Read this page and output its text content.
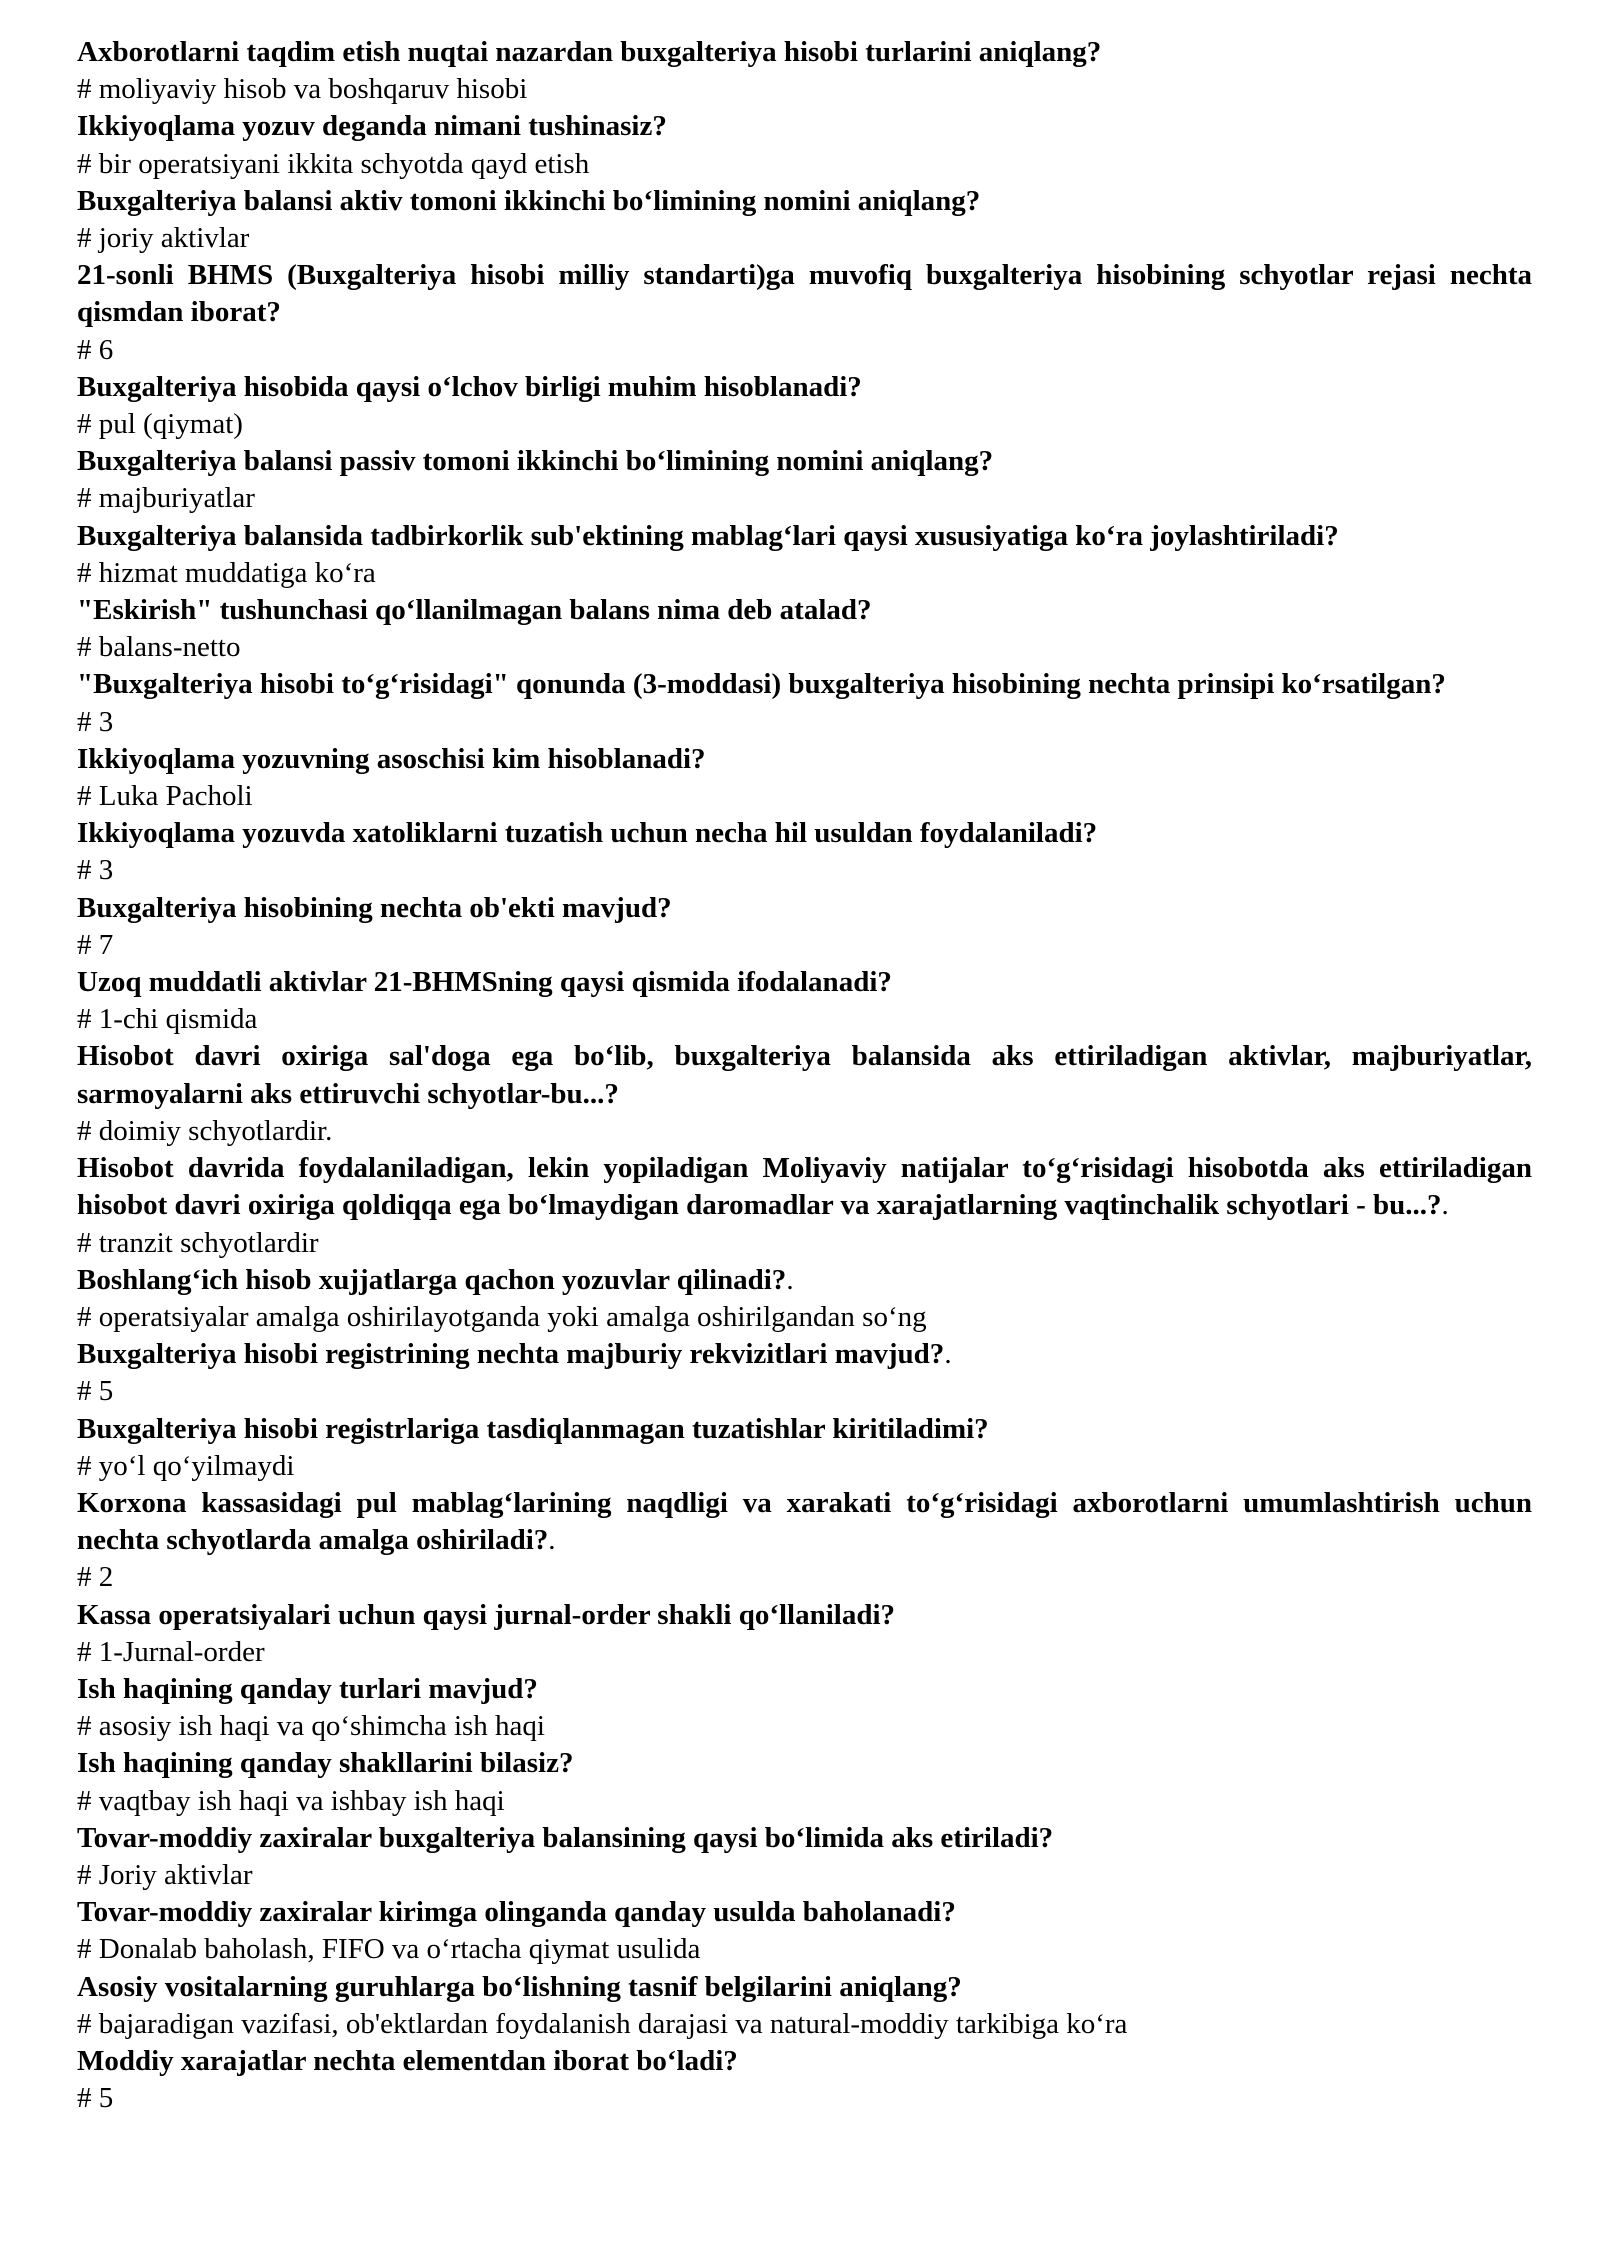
Axborotlarni taqdim etish nuqtai nazardan buxgalteriya hisobi turlarini aniqlang?

# moliyaviy hisob va boshqaruv hisobi

Ikkiyoqlama yozuv deganda nimani tushinasiz?

# bir operatsiyani ikkita schyotda qayd etish

Buxgalteriya balansi aktiv tomoni ikkinchi bo‘limining nomini aniqlang?

# joriy aktivlar

21-sonli BHMS (Buxgalteriya hisobi milliy standarti)ga muvofiq buxgalteriya hisobining schyotlar rejasi nechta qismdan iborat?

# 6

Buxgalteriya hisobida qaysi o‘lchov birligi muhim hisoblanadi?

# pul (qiymat)

Buxgalteriya balansi passiv tomoni ikkinchi bo‘limining nomini aniqlang?

# majburiyatlar

Buxgalteriya balansida tadbirkorlik sub'ektining mablag‘lari qaysi xususiyatiga ko‘ra joylashtiriladi?

# hizmat muddatiga ko‘ra

"Eskirish" tushunchasi qo‘llanilmagan balans nima deb atalad?

# balans-netto

"Buxgalteriya hisobi to‘g‘risidagi" qonunda (3-moddasi) buxgalteriya hisobining nechta prinsipi ko‘rsatilgan?

# 3

Ikkiyoqlama yozuvning asoschisi kim hisoblanadi?

# Luka Pacholi

Ikkiyoqlama yozuvda xatoliklarni tuzatish uchun necha hil usuldan foydalaniladi?

# 3

Buxgalteriya hisobining nechta ob'ekti mavjud?

# 7

Uzoq muddatli aktivlar 21-BHMSning qaysi qismida ifodalanadi?

# 1-chi qismida

Hisobot davri oxiriga sal'doga ega bo‘lib, buxgalteriya balansida aks ettiriladigan aktivlar, majburiyatlar, sarmoyalarni aks ettiruvchi schyotlar-bu...?

# doimiy schyotlardir.

Hisobot davrida foydalaniladigan, lekin yopiladigan Moliyaviy natijalar to‘g‘risidagi hisobotda aks ettiriladigan hisobot davri oxiriga qoldiqqa ega bo‘lmaydigan daromadlar va xarajatlarning vaqtinchalik schyotlari - bu...?.

# tranzit schyotlardir

Boshlang‘ich hisob xujjatlarga qachon yozuvlar qilinadi?.

# operatsiyalar amalga oshirilayotganda yoki amalga oshirilgandan so‘ng

Buxgalteriya hisobi registrining nechta majburiy rekvizitlari mavjud?.

# 5

Buxgalteriya hisobi registrlariga tasdiqlanmagan tuzatishlar kiritiladimi?

# yo‘l qo‘yilmaydi

Korxona kassasidagi pul mablag‘larining naqdligi va xarakati to‘g‘risidagi axborotlarni umumlashtirish uchun nechta schyotlarda amalga oshiriladi?.

# 2

Kassa operatsiyalari uchun qaysi jurnal-order shakli qo‘llaniladi?

# 1-Jurnal-order

Ish haqining qanday turlari mavjud?

# asosiy ish haqi va qo‘shimcha ish haqi

Ish haqining qanday shakllarini bilasiz?

# vaqtbay ish haqi va ishbay ish haqi

Tovar-moddiy zaxiralar buxgalteriya balansining qaysi bo‘limida aks etiriladi?

# Joriy aktivlar

Tovar-moddiy zaxiralar kirimga olinganda qanday usulda baholanadi?

# Donalab baholash, FIFO va o‘rtacha qiymat usulida

Asosiy vositalarning guruhlarga bo‘lishning tasnif belgilarini aniqlang?

# bajaradigan vazifasi, ob'ektlardan foydalanish darajasi va natural-moddiy tarkibiga ko‘ra

Moddiy xarajatlar nechta elementdan iborat bo‘ladi?

# 5
